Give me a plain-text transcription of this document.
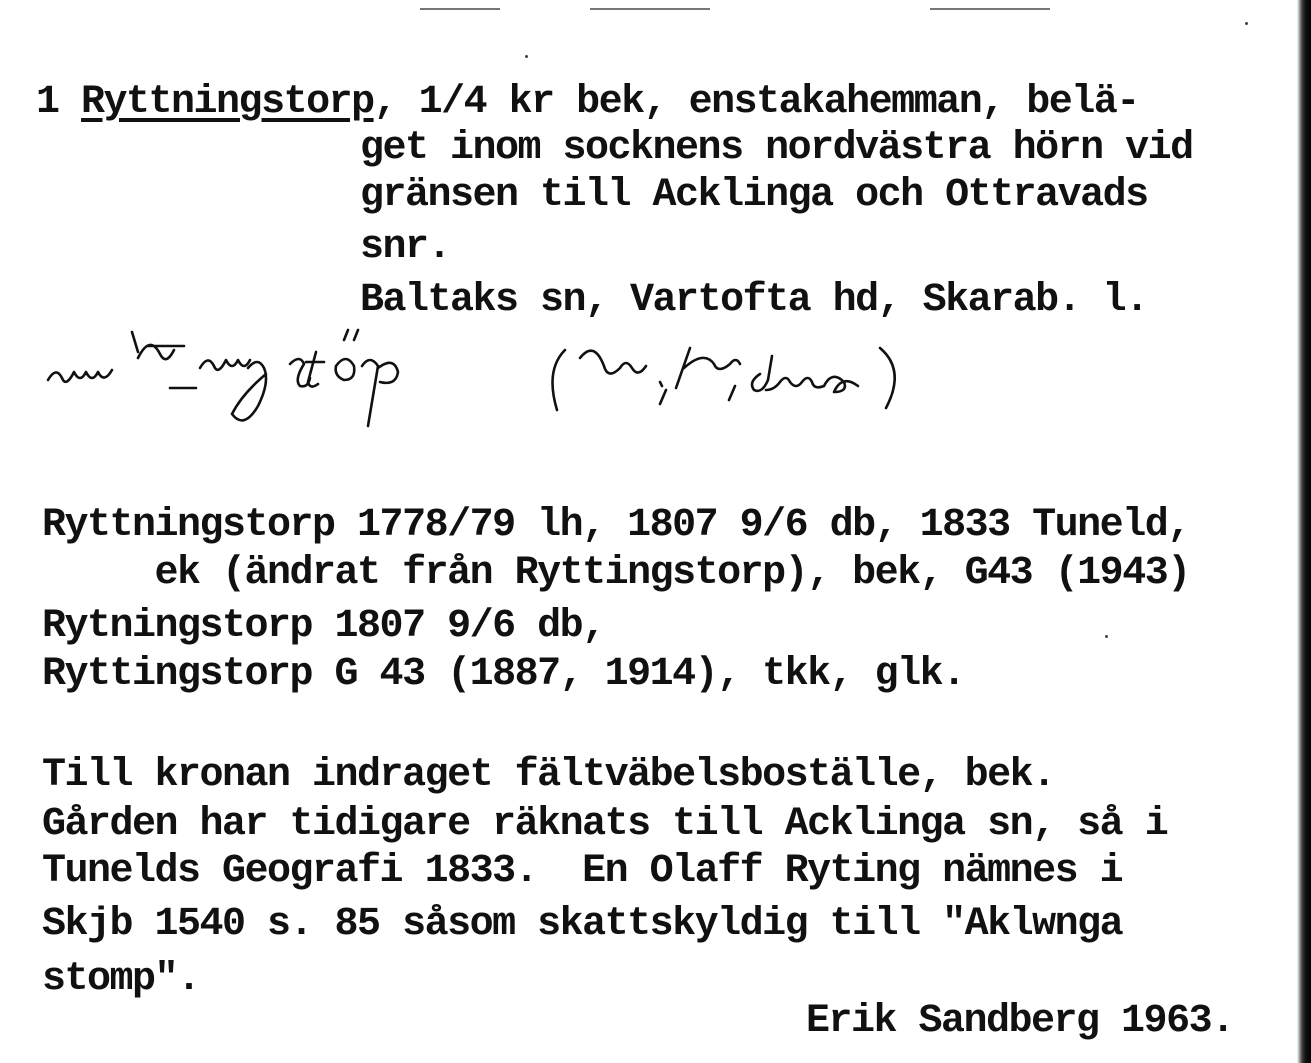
1 Ryttningstorp, 1/4 kr bek, enstakahemman, belä-
get inom socknens nordvästra hörn vid
gränsen till Acklinga och Ottravads
snr.
Baltaks sn, Vartofta hd, Skarab. l.
Ryttningstorp 1778/79 lh, 1807 9/6 db, 1833 Tuneld,
ek (ändrat från Ryttingstorp), bek, G43 (1943)
Rytningstorp 1807 9/6 db,
Ryttingstorp G 43 (1887, 1914), tkk, glk.
Till kronan indraget fältväbelsboställe, bek.
Gården har tidigare räknats till Acklinga sn, så i
Tunelds Geografi 1833.  En Olaff Ryting nämnes i
Skjb 1540 s. 85 såsom skattskyldig till "Aklwnga
stomp".
Erik Sandberg 1963.
